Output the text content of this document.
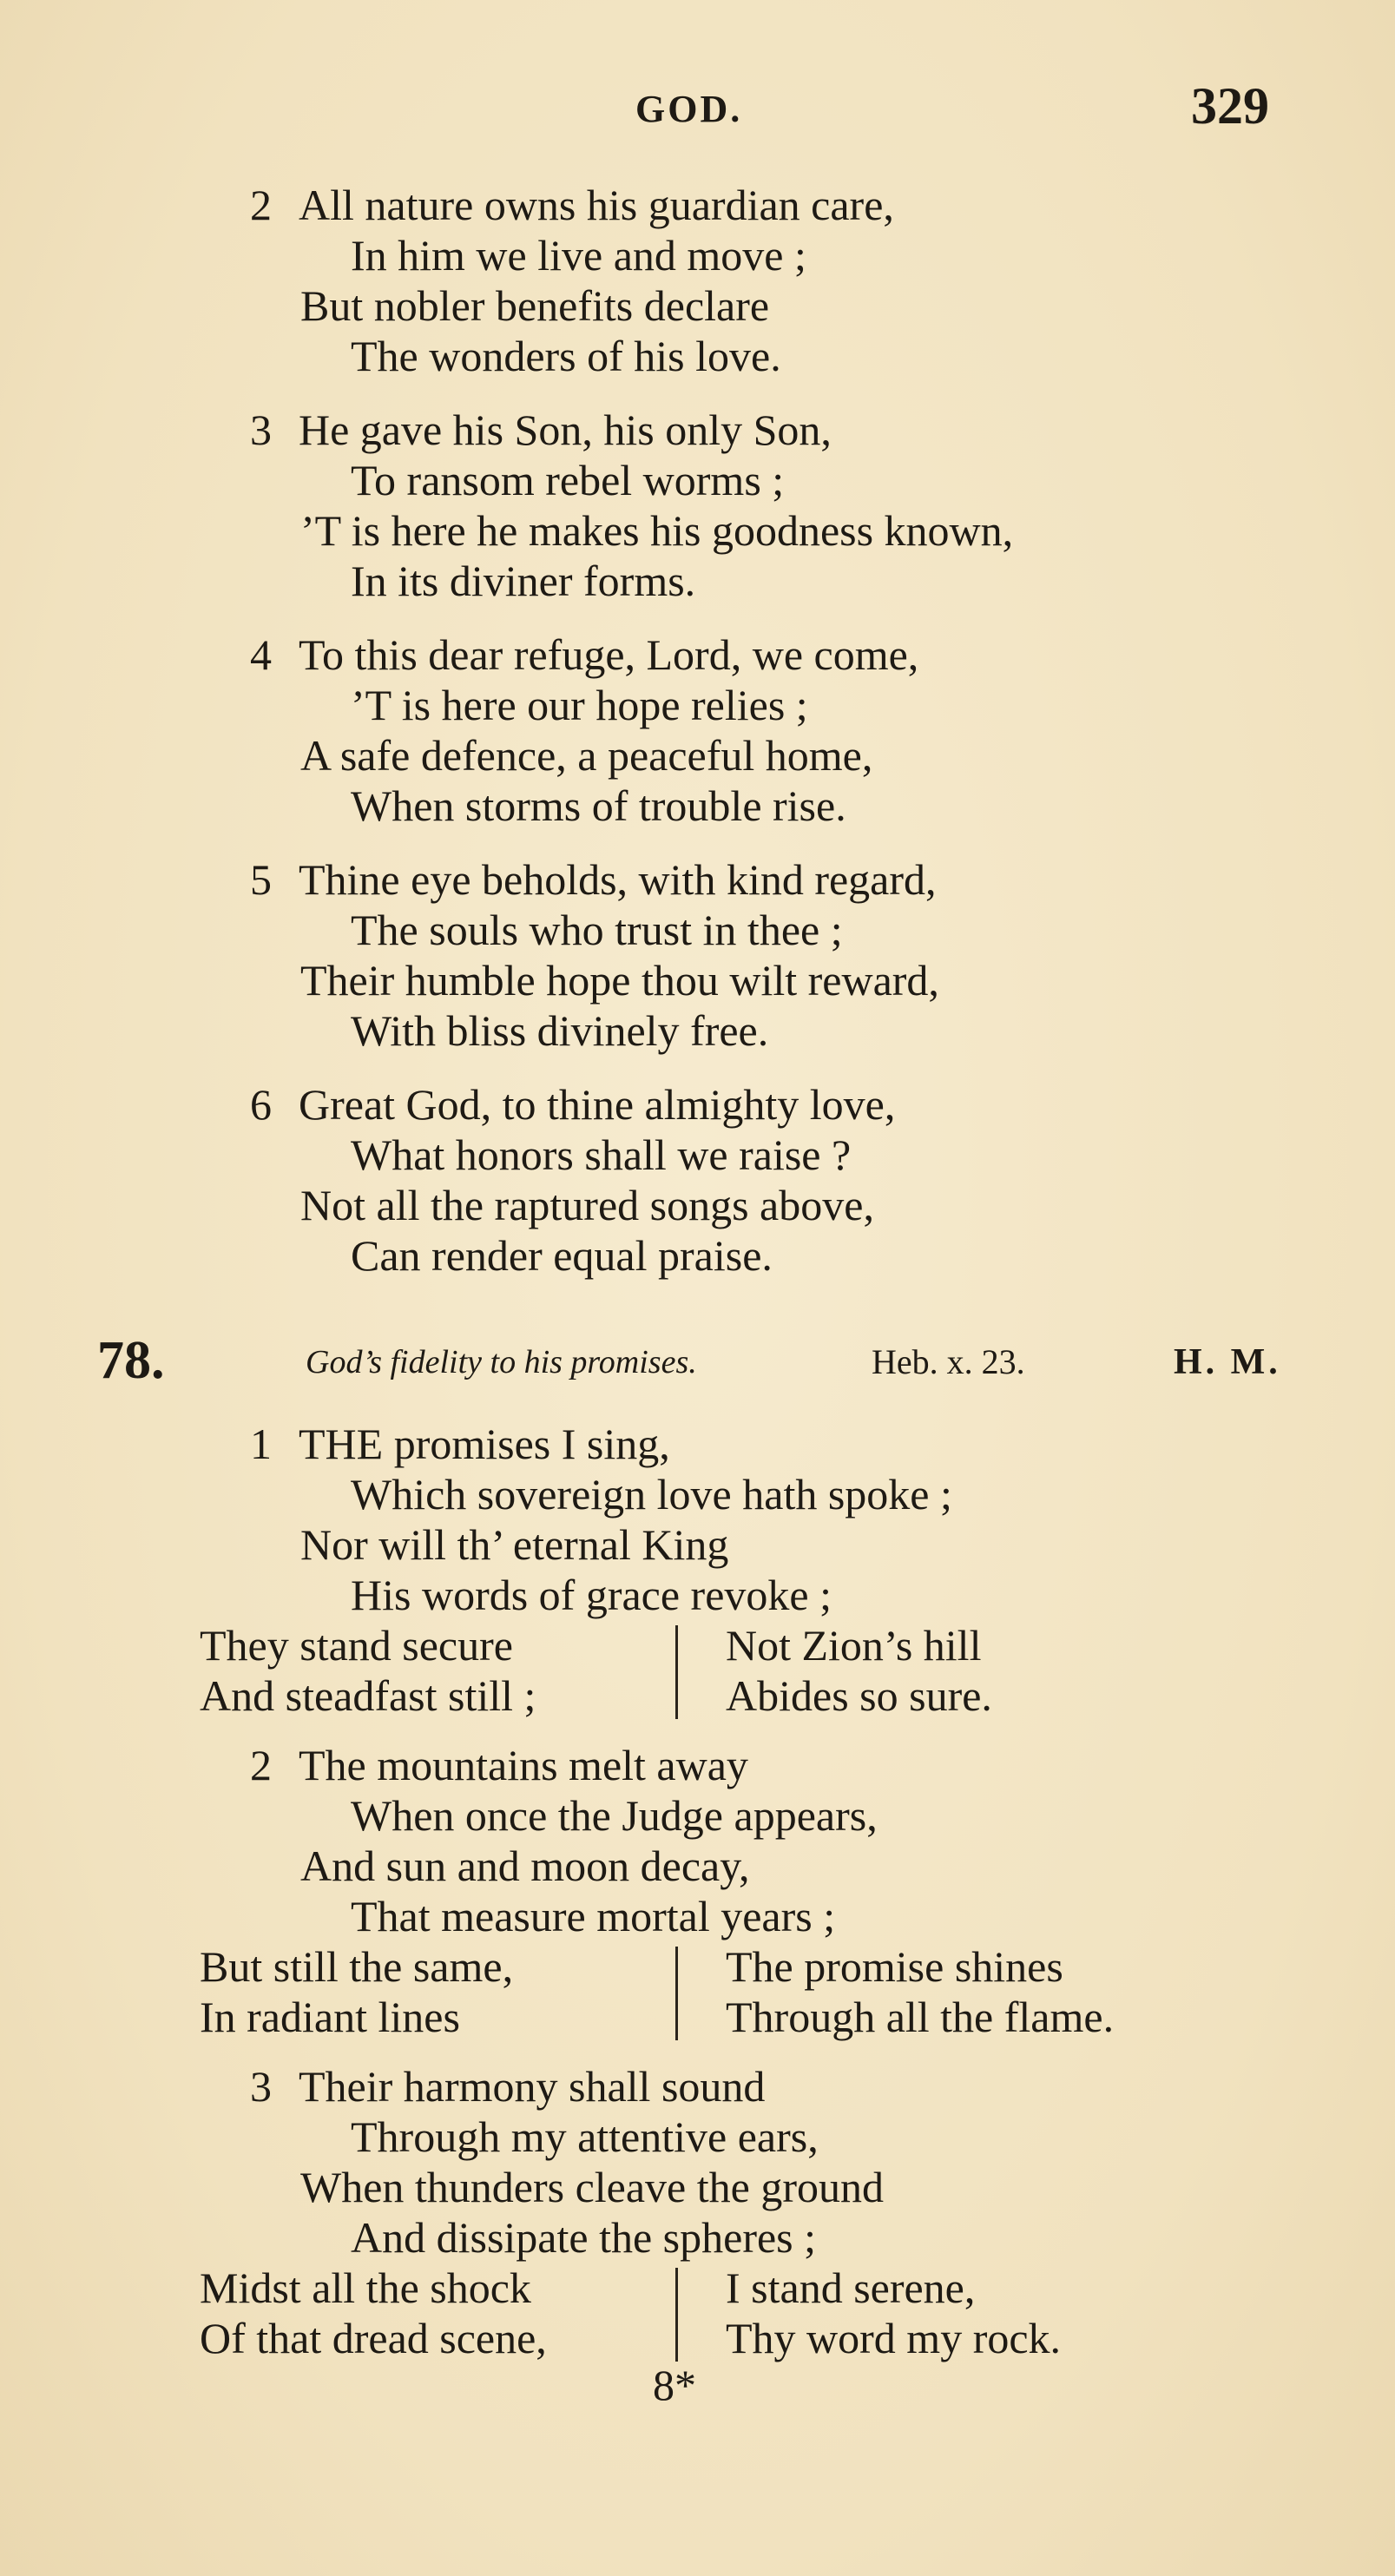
GOD.	329
2 All nature owns his guardian care,
In him we live and move ;
But nobler benefits declare
The wonders of his love.
3 He gave his Son, his only Son,
To ransom rebel worms ;
’T is here he makes his goodness known,
In its diviner forms.
4 To this dear refuge, Lord, we come,
’T is here our hope relies ;
A safe defence, a peaceful home,
When storms of trouble rise.
5 Thine eye beholds, with kind regard,
The souls who trust in thee ;
Their humble hope thou wilt reward,
With bliss divinely free.
6 Great God, to thine almighty love,
What honors shall we raise ?
Not all the raptured songs above,
Can render equal praise.
78.	God’s fidelity to his promises.	Heb. x. 23.	H. M.
1 THE promises I sing,
Which sovereign love hath spoke ;
Nor will th’ eternal King
His words of grace revoke ;
They stand secure
And steadfast still ;
Not Zion’s hill
Abides so sure.
2 The mountains melt away
When once the Judge appears,
And sun and moon decay,
That measure mortal years ;
But still the same,
In radiant lines
The promise shines
Through all the flame.
3 Their harmony shall sound
Through my attentive ears,
When thunders cleave the ground
And dissipate the spheres ;
Midst all the shock
Of that dread scene,
I stand serene,
Thy word my rock.
8*
